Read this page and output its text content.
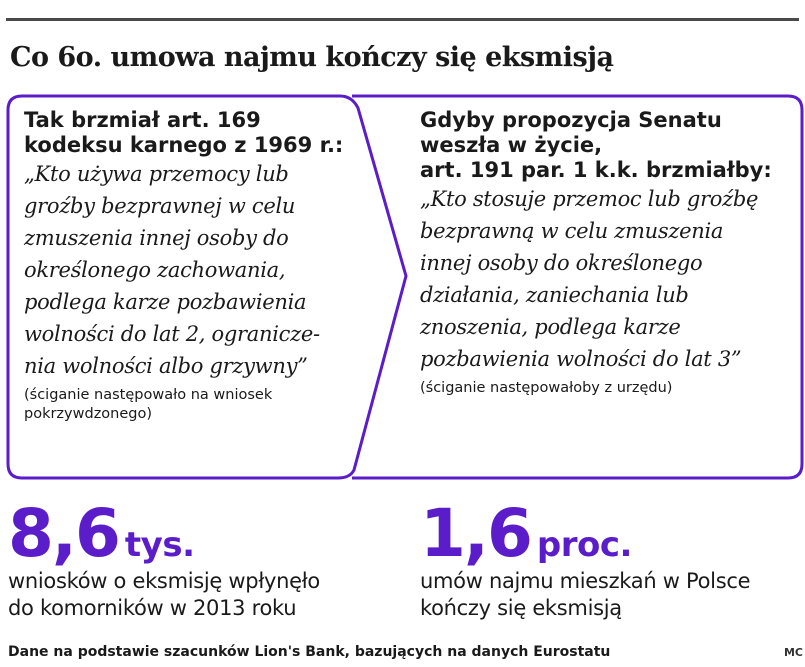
Co 6o. umowa najmu kończy się eksmisją

Tak brzmiał art. 169
kodeksu karnego z 1969 r.:

„Kto używa przemocy lub
groźby bezprawnej w celu
zmuszenia innej osoby do
określonego zachowania,
podlega karze pozbawienia
wolności do lat 2, ogranicze-
nia wolności albo grzywny”

(ściganie następowało na wniosek
pokrzywdzonego)

Gdyby propozycja Senatu
weszła w życie,
art. 191 par. 1 k.k. brzmiałby:

„Kto stosuje przemoc lub groźbę
bezprawną w celu zmuszenia
innej osoby do określonego
działania, zaniechania lub
znoszenia, podlega karze
pozbawienia wolności do lat 3”

(ściganie następowałoby z urzędu)

8,6 tys.
wniosków o eksmisję wpłynęło
do komorników w 2013 roku
1,6 proc.
umów najmu mieszkań w Polsce
kończy się eksmisją

Dane na podstawie szacunków Lion's Bank, bazujących na danych Eurostatu	MC
